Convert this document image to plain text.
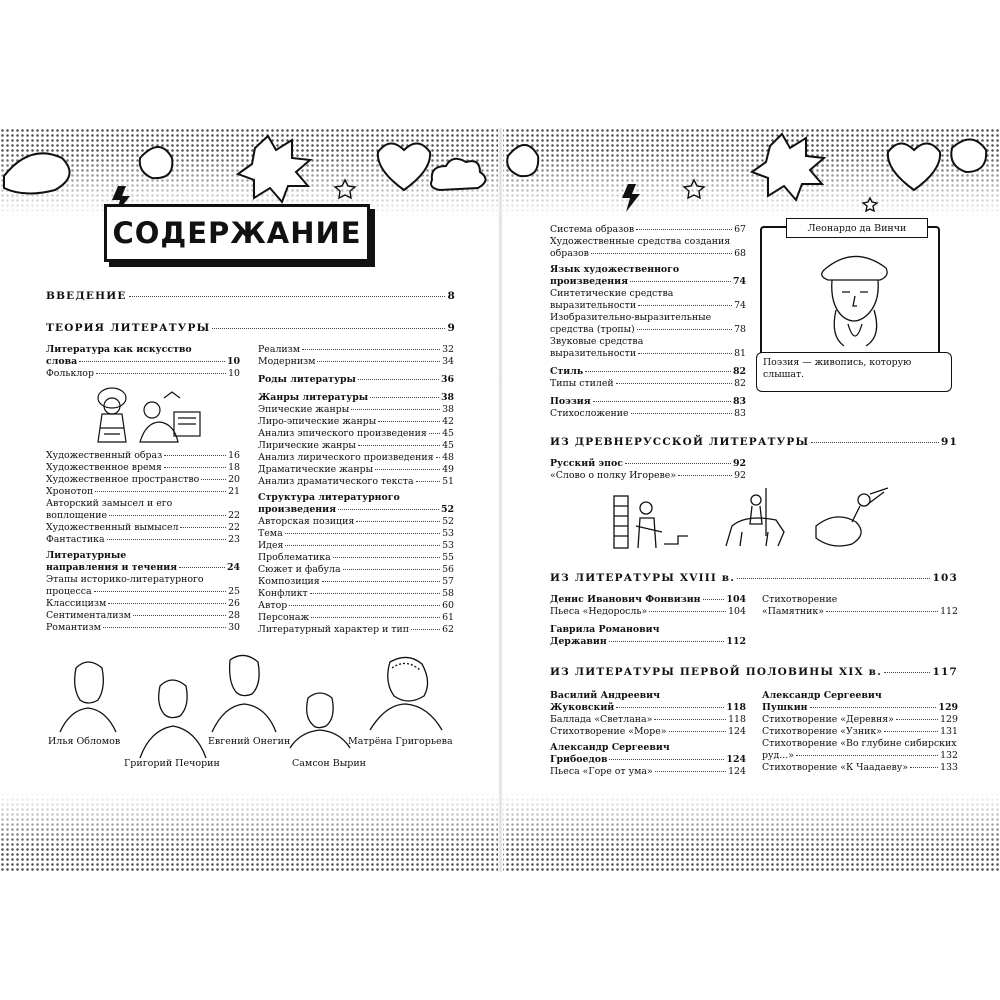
СОДЕРЖАНИЕ
ВВЕДЕНИЕ	8
ТЕОРИЯ ЛИТЕРАТУРЫ	9
Литература как искусство
слова	10
Фольклор	10
Художественный образ	16
Художественное время	18
Художественное пространство	20
Хронотоп	21
Авторский замысел и его
воплощение	22
Художественный вымысел	22
Фантастика	23
Литературные
направления и течения	24
Этапы историко-литературного
процесса	25
Классицизм	26
Сентиментализм	28
Романтизм	30
Реализм	32
Модернизм	34
Роды литературы	36
Жанры литературы	38
Эпические жанры	38
Лиро-эпические жанры	42
Анализ эпического произведения 45
Лирические жанры	45
Анализ лирического произведения 48
Драматические жанры	49
Анализ драматического текста	51
Структура литературного
произведения	52
Авторская позиция	52
Тема	53
Идея	53
Проблематика	55
Сюжет и фабула	56
Композиция	57
Конфликт	58
Автор	60
Персонаж	61
Литературный характер и тип	62
Илья Обломов
Григорий Печорин
Евгений Онегин
Самсон Вырин
Матрёна Григорьева
Система образов	67
Художественные средства создания
образов	68
Язык художественного
произведения	74
Синтетические средства
выразительности	74
Изобразительно-выразительные
средства (тропы)	78
Звуковые средства
выразительности	81
Стиль	82
Типы стилей	82
Поэзия	83
Стихосложение	83
Леонардо да Винчи
Поэзия — живопись, которую слышат.
ИЗ ДРЕВНЕРУССКОЙ ЛИТЕРАТУРЫ	91
Русский эпос	92
«Слово о полку Игореве»	92
ИЗ ЛИТЕРАТУРЫ XVIII в.	103
Денис Иванович Фонвизин	104
Пьеса «Недоросль»	104
Гаврила Романович
Державин	112
Стихотворение
«Памятник»	112
ИЗ ЛИТЕРАТУРЫ ПЕРВОЙ ПОЛОВИНЫ XIX в.	117
Василий Андреевич
Жуковский	118
Баллада «Светлана»	118
Стихотворение «Море»	124
Александр Сергеевич
Грибоедов	124
Пьеса «Горе от ума»	124
Александр Сергеевич
Пушкин	129
Стихотворение «Деревня»	129
Стихотворение «Узник»	131
Стихотворение «Во глубине сибирских
руд...»	132
Стихотворение «К Чаадаеву»	133
